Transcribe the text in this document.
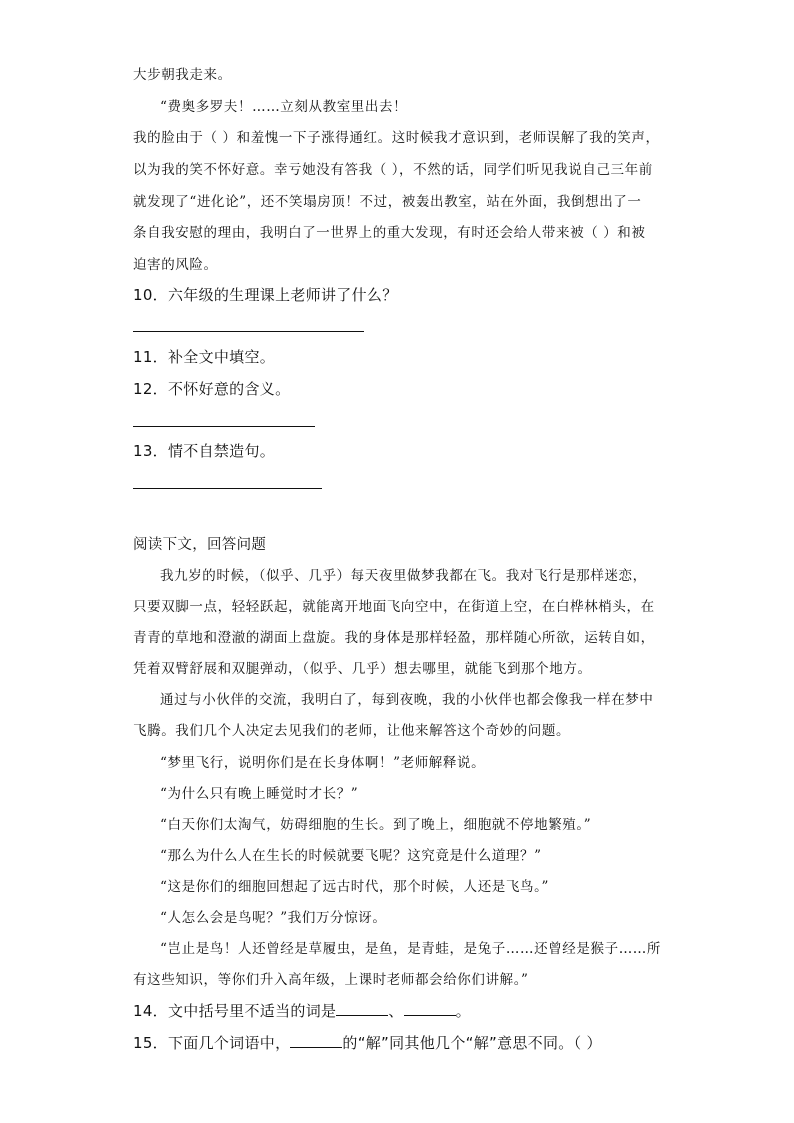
大步朝我走来。
“费奥多罗夫！……立刻从教室里出去！
我的脸由于（ ）和羞愧一下子涨得通红。这时候我才意识到，老师误解了我的笑声，
以为我的笑不怀好意。幸亏她没有答我（ ），不然的话，同学们听见我说自己三年前
就发现了“进化论”，还不笑塌房顶！不过，被轰出教室，站在外面，我倒想出了一
条自我安慰的理由，我明白了一世界上的重大发现，有时还会给人带来被（ ）和被
迫害的风险。
10．六年级的生理课上老师讲了什么？
11．补全文中填空。
12．不怀好意的含义。
13．情不自禁造句。
阅读下文，回答问题
我九岁的时候，（似乎、几乎）每天夜里做梦我都在飞。我对飞行是那样迷恋，
只要双脚一点，轻轻跃起，就能离开地面飞向空中，在街道上空，在白桦林梢头，在
青青的草地和澄澈的湖面上盘旋。我的身体是那样轻盈，那样随心所欲，运转自如，
凭着双臂舒展和双腿弹动，（似乎、几乎）想去哪里，就能飞到那个地方。
通过与小伙伴的交流，我明白了，每到夜晚，我的小伙伴也都会像我一样在梦中
飞腾。我们几个人决定去见我们的老师，让他来解答这个奇妙的问题。
“梦里飞行，说明你们是在长身体啊！”老师解释说。
“为什么只有晚上睡觉时才长？”
“白天你们太淘气，妨碍细胞的生长。到了晚上，细胞就不停地繁殖。”
“那么为什么人在生长的时候就要飞呢？这究竟是什么道理？”
“这是你们的细胞回想起了远古时代，那个时候，人还是飞鸟。”
“人怎么会是鸟呢？”我们万分惊讶。
“岂止是鸟！人还曾经是草履虫，是鱼，是青蛙，是兔子……还曾经是猴子……所
有这些知识，等你们升入高年级，上课时老师都会给你们讲解。”
14．文中括号里不适当的词是	、	。
15．下面几个词语中，	的“解”同其他几个“解”意思不同。（ ）
